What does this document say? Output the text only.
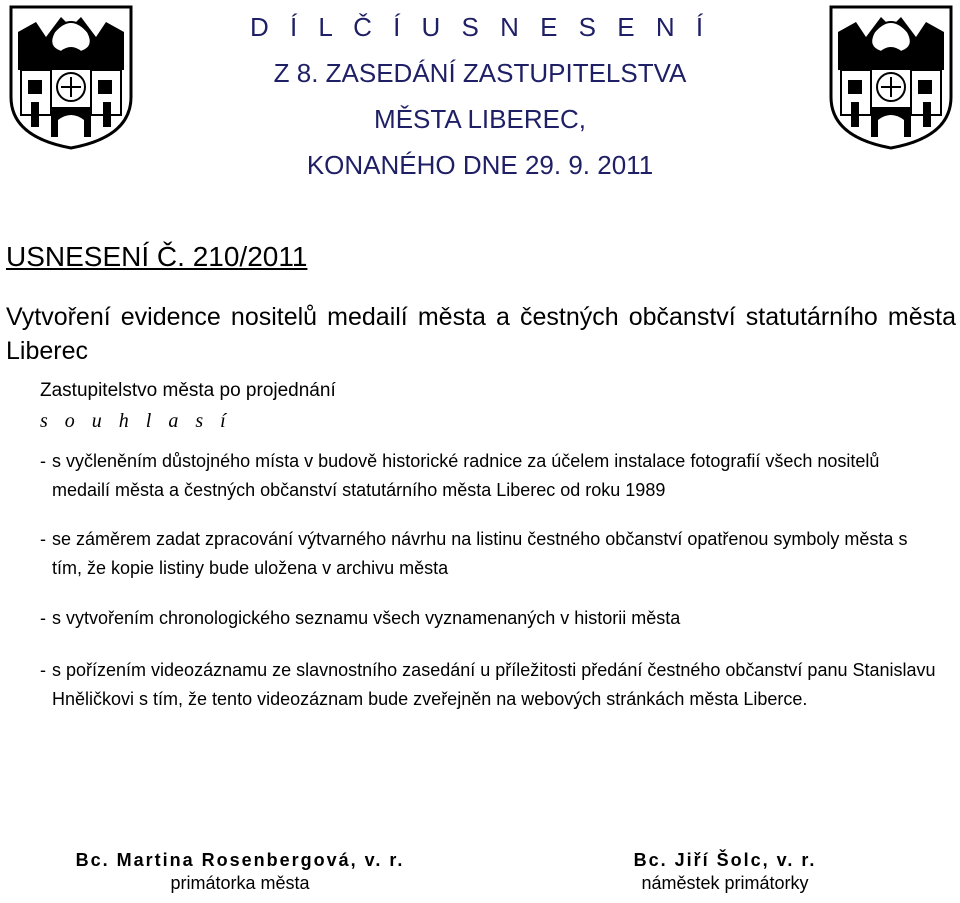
D Í L Č Í U S N E S E N Í
Z 8. ZASEDÁNÍ ZASTUPITELSTVA
MĚSTA LIBEREC,
KONANÉHO DNE 29. 9. 2011
USNESENÍ Č. 210/2011
Vytvoření evidence nositelů medailí města a čestných občanství statutárního města Liberec
Zastupitelstvo města po projednání
s o u h l a s í
- s vyčleněním důstojného místa v budově historické radnice za účelem instalace fotografií všech nositelů medailí města a čestných občanství statutárního města Liberec od roku 1989
- se záměrem zadat zpracování výtvarného návrhu na listinu čestného občanství opatřenou symboly města s tím, že kopie listiny bude uložena v archivu města
- s vytvořením chronologického seznamu všech vyznamenaných v historii města
- s pořízením videozáznamu ze slavnostního zasedání u příležitosti předání čestného občanství panu Stanislavu Hněličkovi s tím, že tento videozáznam bude zveřejněn na webových stránkách města Liberce.
Bc. Martina Rosenbergová, v. r.
primátorka města
Bc. Jiří Šolc, v. r.
náměstek primátorky
